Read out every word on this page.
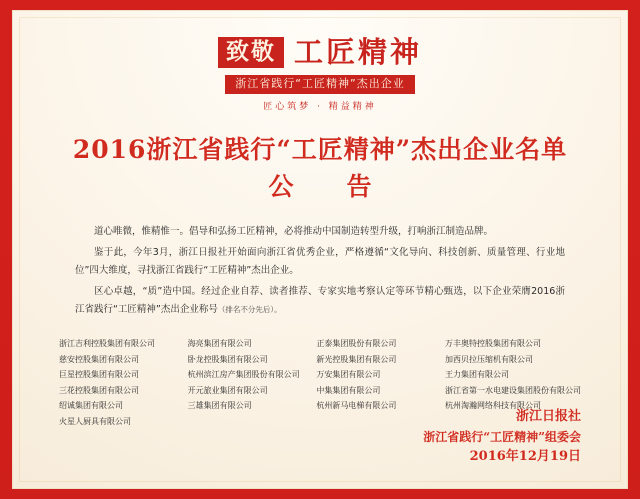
致敬 工匠精神
浙江省践行“工匠精神”杰出企业
匠心筑梦 · 精益精神
2016浙江省践行“工匠精神”杰出企业名单
公　告

道心唯微，惟精惟一。倡导和弘扬工匠精神，必将推动中国制造转型升级，打响浙江制造品牌。

鉴于此，今年3月，浙江日报社开始面向浙江省优秀企业，严格遵循“文化导向、科技创新、质量管理、行业地位”四大维度，寻找浙江省践行“工匠精神”杰出企业。

区心卓越，“质”造中国。经过企业自荐、读者推荐、专家实地考察认定等环节精心甄选，以下企业荣膺2016浙江省践行“工匠精神”杰出企业称号（排名不分先后）。

浙江吉利控股集团有限公司
慈安控股集团有限公司
巨星控股集团有限公司
三花控股集团有限公司
绍诚集团有限公司
火星人厨具有限公司
海亮集团有限公司
卧龙控股集团有限公司
杭州滨江房产集团股份有限公司
开元旅业集团有限公司
三雄集团有限公司
正泰集团股份有限公司
新光控股集团有限公司
万安集团有限公司
中集集团有限公司
杭州新马电梯有限公司
万丰奥特控股集团有限公司
加西贝拉压缩机有限公司
王力集团有限公司
浙江省第一水电建设集团股份有限公司
杭州淘瀚网络科技有限公司
浙江日报社
浙江省践行“工匠精神”组委会
2016年12月19日
